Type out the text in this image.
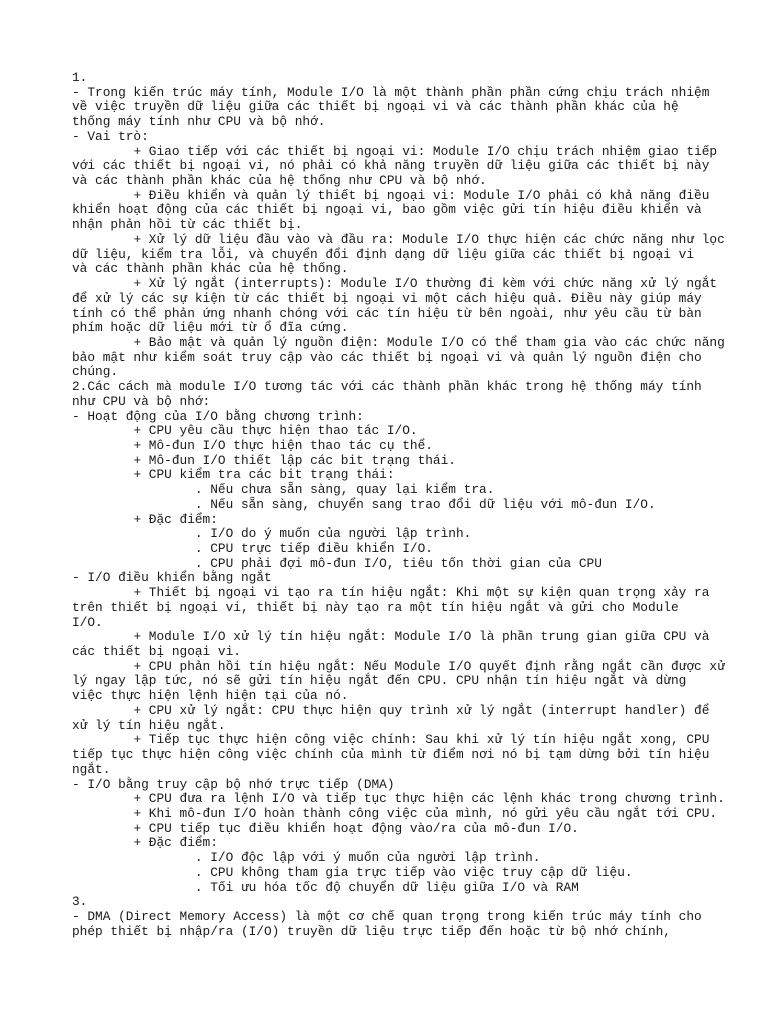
1.
- Trong kiến trúc máy tính, Module I/O là một thành phần phần cứng chịu trách nhiệm
về việc truyền dữ liệu giữa các thiết bị ngoại vi và các thành phần khác của hệ
thống máy tính như CPU và bộ nhớ.
- Vai trò:
	+ Giao tiếp với các thiết bị ngoại vi: Module I/O chịu trách nhiệm giao tiếp
với các thiết bị ngoại vi, nó phải có khả năng truyền dữ liệu giữa các thiết bị này
và các thành phần khác của hệ thống như CPU và bộ nhớ.
	+ Điều khiển và quản lý thiết bị ngoại vi: Module I/O phải có khả năng điều
khiển hoạt động của các thiết bị ngoại vi, bao gồm việc gửi tín hiệu điều khiển và
nhận phản hồi từ các thiết bị.
	+ Xử lý dữ liệu đầu vào và đầu ra: Module I/O thực hiện các chức năng như lọc
dữ liệu, kiểm tra lỗi, và chuyển đổi định dạng dữ liệu giữa các thiết bị ngoại vi
và các thành phần khác của hệ thống.
	+ Xử lý ngắt (interrupts): Module I/O thường đi kèm với chức năng xử lý ngắt
để xử lý các sự kiện từ các thiết bị ngoại vi một cách hiệu quả. Điều này giúp máy
tính có thể phản ứng nhanh chóng với các tín hiệu từ bên ngoài, như yêu cầu từ bàn
phím hoặc dữ liệu mới từ ổ đĩa cứng.
	+ Bảo mật và quản lý nguồn điện: Module I/O có thể tham gia vào các chức năng
bảo mật như kiểm soát truy cập vào các thiết bị ngoại vi và quản lý nguồn điện cho
chúng.
2.Các cách mà module I/O tương tác với các thành phần khác trong hệ thống máy tính
như CPU và bộ nhớ:
- Hoạt động của I/O bằng chương trình:
	+ CPU yêu cầu thực hiện thao tác I/O.
	+ Mô-đun I/O thực hiện thao tác cụ thể.
	+ Mô-đun I/O thiết lập các bit trạng thái.
	+ CPU kiểm tra các bit trạng thái:
		. Nếu chưa sẵn sàng, quay lại kiểm tra.
		. Nếu sẵn sàng, chuyển sang trao đổi dữ liệu với mô-đun I/O.
	+ Đặc điểm:
		. I/O do ý muốn của người lập trình.
		. CPU trực tiếp điều khiển I/O.
		. CPU phải đợi mô-đun I/O, tiêu tốn thời gian của CPU
- I/O điều khiển bằng ngắt
	+ Thiết bị ngoại vi tạo ra tín hiệu ngắt: Khi một sự kiện quan trọng xảy ra
trên thiết bị ngoại vi, thiết bị này tạo ra một tín hiệu ngắt và gửi cho Module
I/O.
	+ Module I/O xử lý tín hiệu ngắt: Module I/O là phần trung gian giữa CPU và
các thiết bị ngoại vi.
	+ CPU phản hồi tín hiệu ngắt: Nếu Module I/O quyết định rằng ngắt cần được xử
lý ngay lập tức, nó sẽ gửi tín hiệu ngắt đến CPU. CPU nhận tín hiệu ngắt và dừng
việc thực hiện lệnh hiện tại của nó.
	+ CPU xử lý ngắt: CPU thực hiện quy trình xử lý ngắt (interrupt handler) để
xử lý tín hiệu ngắt.
	+ Tiếp tục thực hiện công việc chính: Sau khi xử lý tín hiệu ngắt xong, CPU
tiếp tục thực hiện công việc chính của mình từ điểm nơi nó bị tạm dừng bởi tín hiệu
ngắt.
- I/O bằng truy cập bộ nhớ trực tiếp (DMA)
	+ CPU đưa ra lệnh I/O và tiếp tục thực hiện các lệnh khác trong chương trình.
	+ Khi mô-đun I/O hoàn thành công việc của mình, nó gửi yêu cầu ngắt tới CPU.
	+ CPU tiếp tục điều khiển hoạt động vào/ra của mô-đun I/O.
	+ Đặc điểm:
		. I/O độc lập với ý muốn của người lập trình.
		. CPU không tham gia trực tiếp vào việc truy cập dữ liệu.
		. Tối ưu hóa tốc độ chuyển dữ liệu giữa I/O và RAM
3.
- DMA (Direct Memory Access) là một cơ chế quan trọng trong kiến trúc máy tính cho
phép thiết bị nhập/ra (I/O) truyền dữ liệu trực tiếp đến hoặc từ bộ nhớ chính,
